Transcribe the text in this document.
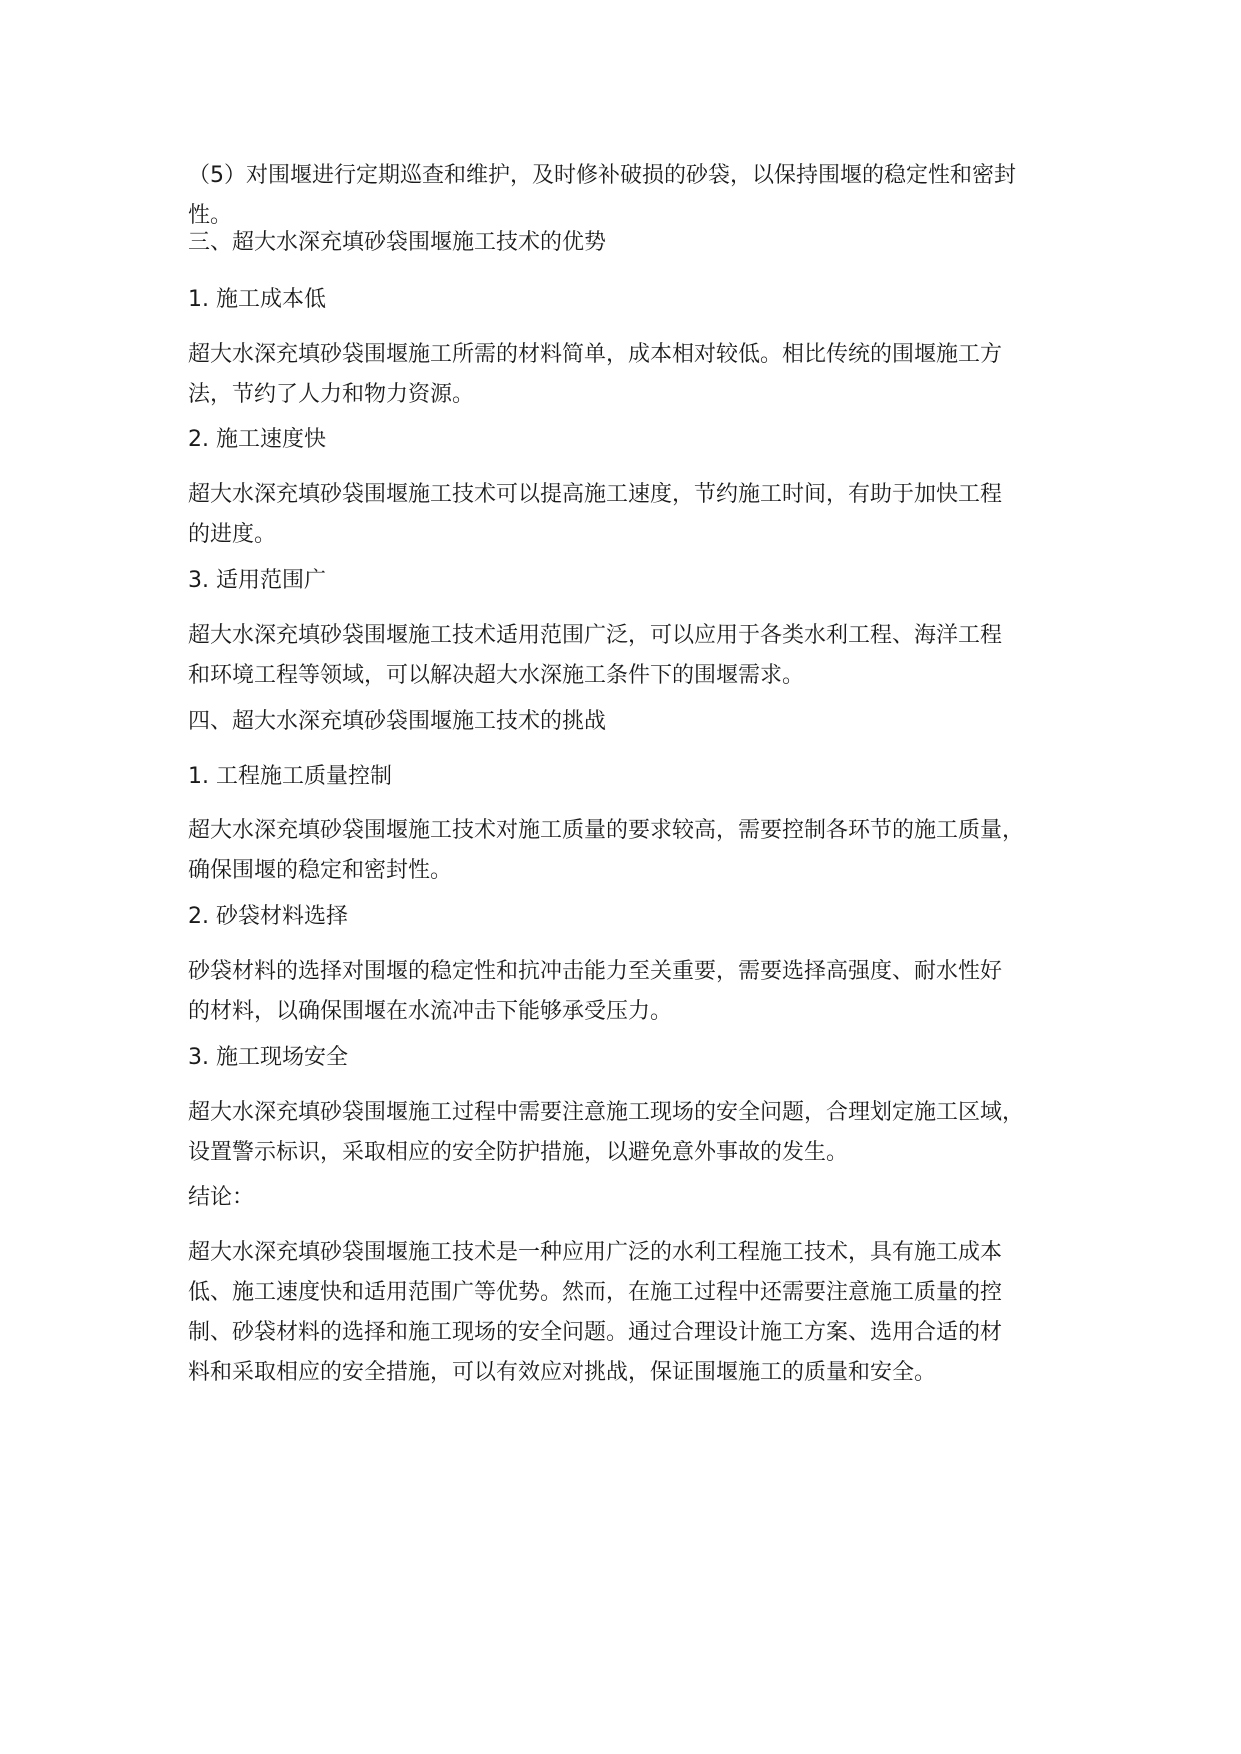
（5）对围堰进行定期巡查和维护，及时修补破损的砂袋，以保持围堰的稳定性和密封
性。
三、超大水深充填砂袋围堰施工技术的优势
1. 施工成本低
超大水深充填砂袋围堰施工所需的材料简单，成本相对较低。相比传统的围堰施工方
法，节约了人力和物力资源。
2. 施工速度快
超大水深充填砂袋围堰施工技术可以提高施工速度，节约施工时间，有助于加快工程
的进度。
3. 适用范围广
超大水深充填砂袋围堰施工技术适用范围广泛，可以应用于各类水利工程、海洋工程
和环境工程等领域，可以解决超大水深施工条件下的围堰需求。
四、超大水深充填砂袋围堰施工技术的挑战
1. 工程施工质量控制
超大水深充填砂袋围堰施工技术对施工质量的要求较高，需要控制各环节的施工质量，
确保围堰的稳定和密封性。
2. 砂袋材料选择
砂袋材料的选择对围堰的稳定性和抗冲击能力至关重要，需要选择高强度、耐水性好
的材料，以确保围堰在水流冲击下能够承受压力。
3. 施工现场安全
超大水深充填砂袋围堰施工过程中需要注意施工现场的安全问题，合理划定施工区域，
设置警示标识，采取相应的安全防护措施，以避免意外事故的发生。
结论：
超大水深充填砂袋围堰施工技术是一种应用广泛的水利工程施工技术，具有施工成本
低、施工速度快和适用范围广等优势。然而，在施工过程中还需要注意施工质量的控
制、砂袋材料的选择和施工现场的安全问题。通过合理设计施工方案、选用合适的材
料和采取相应的安全措施，可以有效应对挑战，保证围堰施工的质量和安全。
